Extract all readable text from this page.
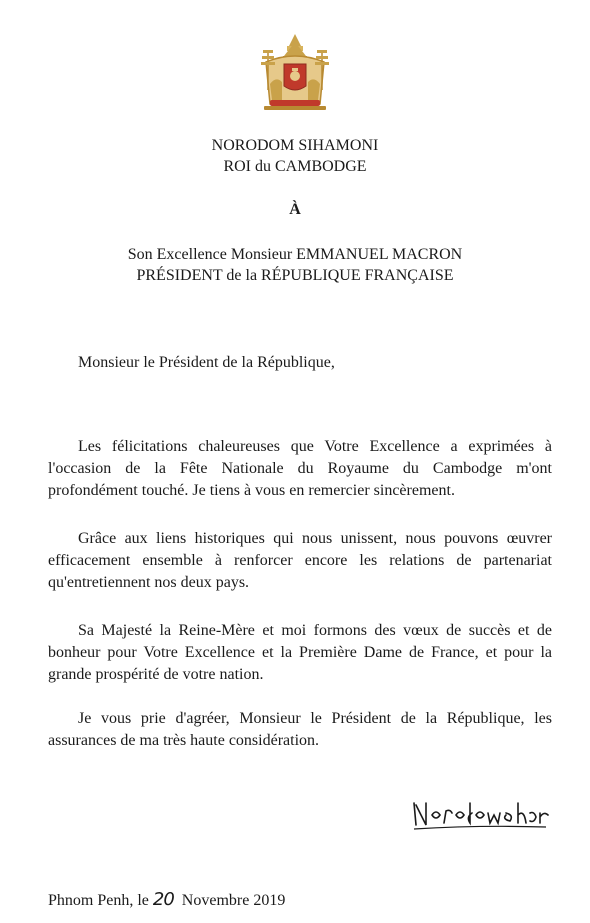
NORODOM SIHAMONI
ROI du CAMBODGE
À
Son Excellence Monsieur EMMANUEL MACRON
PRÉSIDENT de la RÉPUBLIQUE FRANÇAISE
Monsieur le Président de la République,

Les félicitations chaleureuses que Votre Excellence a exprimées à l'occasion de la Fête Nationale du Royaume du Cambodge m'ont profondément touché. Je tiens à vous en remercier sincèrement.

Grâce aux liens historiques qui nous unissent, nous pouvons œuvrer efficacement ensemble à renforcer encore les relations de partenariat qu'entretiennent nos deux pays.

Sa Majesté la Reine-Mère et moi formons des vœux de succès et de bonheur pour Votre Excellence et la Première Dame de France, et pour la grande prospérité de votre nation.

Je vous prie d'agréer, Monsieur le Président de la République, les assurances de ma très haute considération.

Phnom Penh, le 20 Novembre 2019
